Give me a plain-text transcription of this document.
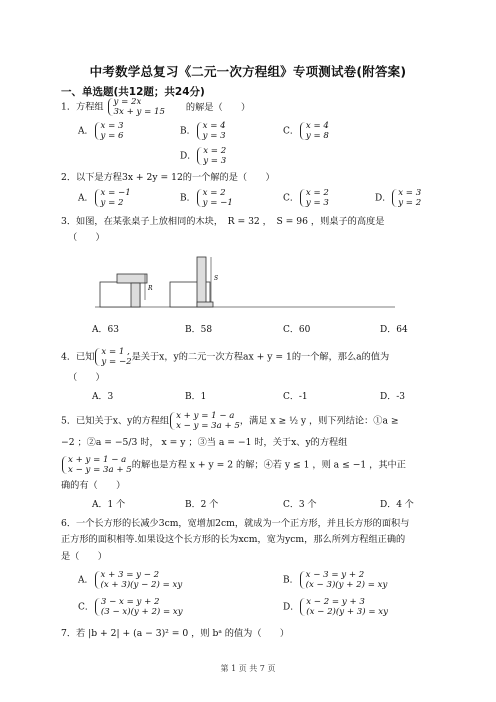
中考数学总复习《二元一次方程组》专项测试卷(附答案)
一、单选题(共12题；共24分)
1．方程组 y = 2x
3x + y = 15 的解是（　　）
A．
x = 3
y = 6	B．
x = 4
y = 3	C．
x = 4
y = 8
D．
x = 2
y = 3
2．以下是方程3x + 2y = 12的一个解的是（　　）
A．
x = −1
y = 2	B．
x = 2
y = −1	C．
x = 2
y = 3	D．
x = 3
y = 2
3．如图，在某张桌子上放相同的木块，　R = 32 ，　S = 96 ，则桌子的高度是
（　　）
R
S
A．63	B．58	C．60	D．64
4．已知 x = 1 ,
y = −2 是关于x，y的二元一次方程ax + y = 1的一个解，那么a的值为
（　　）
A．3	B．1	C．-1	D．-3
5．已知关于x、y的方程组 x + y = 1 − a
x − y = 3a + 5 ，满足 x ≥ ½ y ，则下列结论：①a ≥
−2 ；②a = −5/3 时， x = y ；③当 a = −1 时，关于x、y的方程组
x + y = 1 − a
x − y = 3a + 5 的解也是方程 x + y = 2 的解；④若 y ≤ 1 ，则 a ≤ −1 ，其中正
确的有（　　）
A．1 个	B．2 个	C．3 个	D．4 个
6．一个长方形的长减少3cm，宽增加2cm，就成为一个正方形，并且长方形的面积与
正方形的面积相等.如果设这个长方形的长为xcm，宽为ycm，那么所列方程组正确的
是（　　）
A．
x + 3 = y − 2
(x + 3)(y − 2) = xy	B．
x − 3 = y + 2
(x − 3)(y + 2) = xy
C．
3 − x = y + 2
(3 − x)(y + 2) = xy	D．
x − 2 = y + 3
(x − 2)(y + 3) = xy
7．若 |b + 2| + (a − 3)² = 0 ，则 bᵃ 的值为（　　）
第 1 页 共 7 页
